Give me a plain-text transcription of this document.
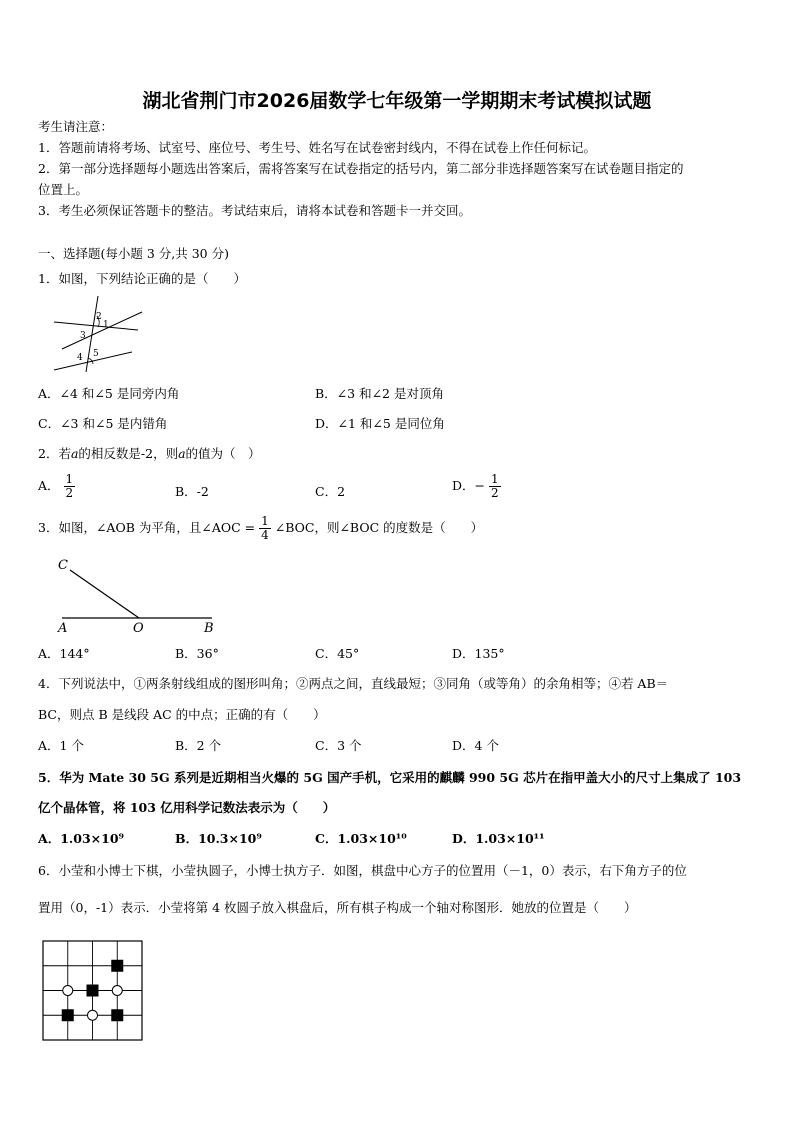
湖北省荆门市2026届数学七年级第一学期期末考试模拟试题
考生请注意：
1．答题前请将考场、试室号、座位号、考生号、姓名写在试卷密封线内，不得在试卷上作任何标记。
2．第一部分选择题每小题选出答案后，需将答案写在试卷指定的括号内，第二部分非选择题答案写在试卷题目指定的
位置上。
3．考生必须保证答题卡的整洁。考试结束后，请将本试卷和答题卡一并交回。
一、选择题(每小题 3 分,共 30 分)
1．如图，下列结论正确的是（　　）
2
1
3
4 5
A．∠4 和∠5 是同旁内角	B．∠3 和∠2 是对顶角
C．∠3 和∠5 是内错角	D．∠1 和∠5 是同位角
2．若a的相反数是-2，则a的值为（　）
A． $\frac{1}{2}$	B．-2	C．2	D．− $\frac{1}{2}$
3．如图，∠AOB 为平角，且∠AOC = $\frac{1}{4}$ ∠BOC，则∠BOC 的度数是（　　）
C
A	O	B
A．144°	B．36°	C．45°	D．135°
4．下列说法中，①两条射线组成的图形叫角；②两点之间，直线最短；③同角（或等角）的余角相等；④若 AB＝
BC，则点 B 是线段 AC 的中点；正确的有（　　）
A．1 个	B．2 个	C．3 个	D．4 个
5．华为 Mate 30 5G 系列是近期相当火爆的 5G 国产手机，它采用的麒麟 990 5G 芯片在指甲盖大小的尺寸上集成了 103
亿个晶体管，将 103 亿用科学记数法表示为（　　）
A．1.03×10⁹	B．10.3×10⁹	C．1.03×10¹⁰	D．1.03×10¹¹
6．小莹和小博士下棋，小莹执圆子，小博士执方子．如图，棋盘中心方子的位置用（－1，0）表示，右下角方子的位
置用（0，-1）表示．小莹将第 4 枚圆子放入棋盘后，所有棋子构成一个轴对称图形．她放的位置是（　　）
